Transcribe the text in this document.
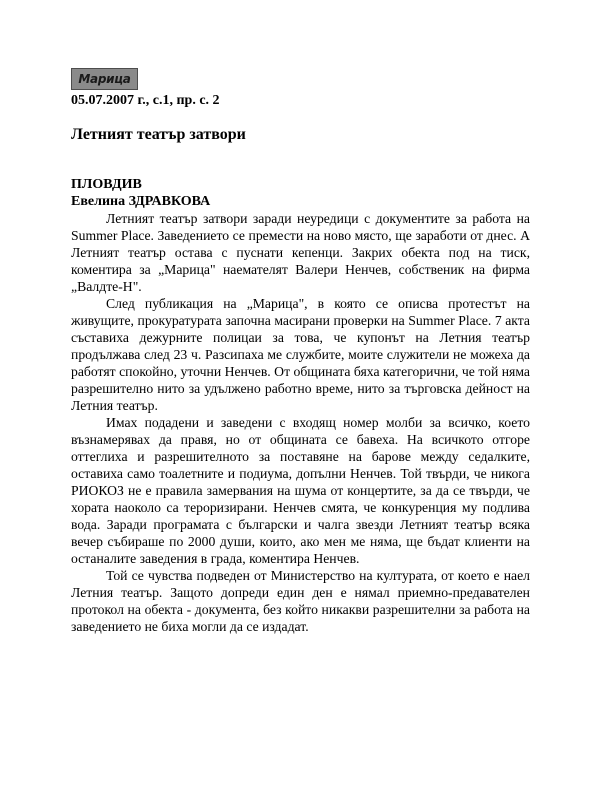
Марица
05.07.2007 г., с.1, пр. с. 2
Летният театър затвори
ПЛОВДИВ
Евелина ЗДРАВКОВА

Летният театър затвори заради неуредици с документите за работа на Summer Place. Заведението се премести на ново място, ще заработи от днес. А Летният театър остава с пуснати кепенци. Закрих обекта под на тиск, коментира за „Марица" наемателят Валери Ненчев, собственик на фирма „Валдте-Н".

След публикация на „Марица", в която се описва протестът на живущите, прокуратурата започна масирани проверки на Summer Place. 7 акта съставиха дежурните полицаи за това, че купонът на Летния театър продължава след 23 ч. Разсипаха ме службите, моите служители не можеха да работят спокойно, уточни Ненчев. От общината бяха категорични, че той няма разрешително нито за удължено работно време, нито за търговска дейност на Летния театър.

Имах подадени и заведени с входящ номер молби за всичко, което възнамерявах да правя, но от общината се бавеха. На всичкото отгоре оттеглиха и разрешителното за поставяне на барове между седалките, оставиха само тоалетните и подиума, допълни Ненчев. Той твърди, че никога РИОКОЗ не е правила замервания на шума от концертите, за да се твърди, че хората наоколо са тероризирани. Ненчев смята, че конкуренция му подлива вода. Заради програмата с български и чалга звезди Летният театър всяка вечер събираше по 2000 души, които, ако мен ме няма, ще бъдат клиенти на останалите заведения в града, коментира Ненчев.

Той се чувства подведен от Министерство на културата, от което е наел Летния театър. Защото допреди един ден е нямал приемно-предавателен протокол на обекта - документа, без който никакви разрешителни за работа на заведението не биха могли да се издадат.
